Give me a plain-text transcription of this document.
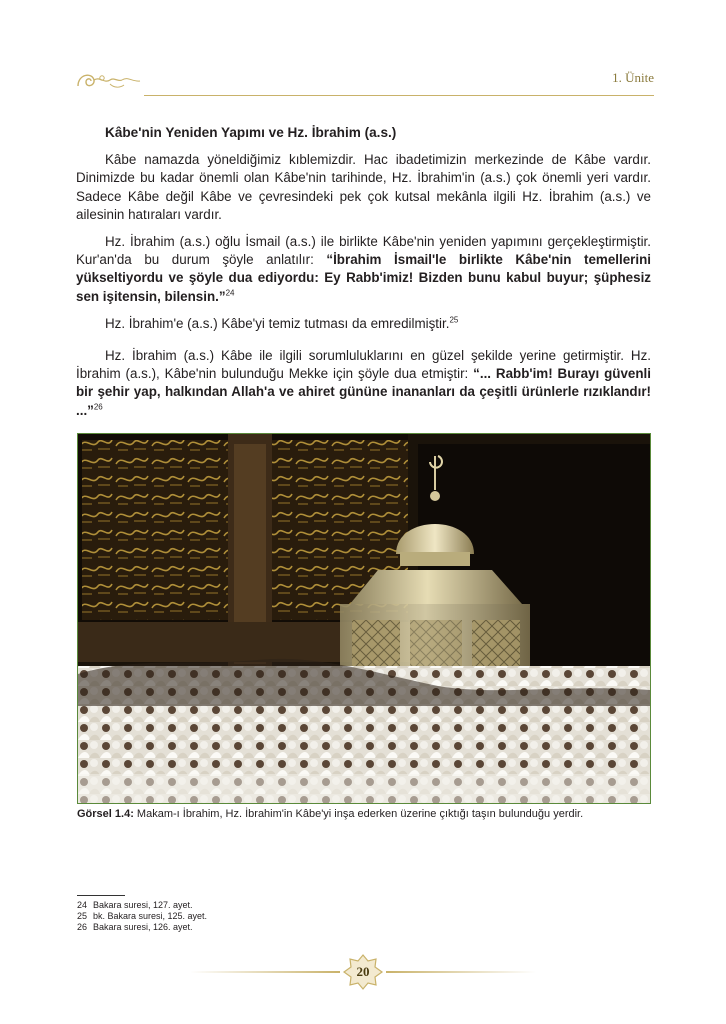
1. Ünite
Kâbe'nin Yeniden Yapımı ve Hz. İbrahim (a.s.)

Kâbe namazda yöneldiğimiz kıblemizdir. Hac ibadetimizin merkezinde de Kâbe vardır. Dinimizde bu kadar önemli olan Kâbe'nin tarihinde, Hz. İbrahim'in (a.s.) çok önemli yeri vardır. Sadece Kâbe değil Kâbe ve çevresindeki pek çok kutsal mekânla ilgili Hz. İbrahim (a.s.) ve ailesinin hatıraları vardır.

Hz. İbrahim (a.s.) oğlu İsmail (a.s.) ile birlikte Kâbe'nin yeniden yapımını gerçekleştirmiştir. Kur'an'da bu durum şöyle anlatılır: “İbrahim İsmail'le birlikte Kâbe'nin temellerini yükseltiyordu ve şöyle dua ediyordu: Ey Rabb'imiz! Bizden bunu kabul buyur; şüphesiz sen işitensin, bilensin.”$^{24}$

Hz. İbrahim'e (a.s.) Kâbe'yi temiz tutması da emredilmiştir.$^{25}$

Hz. İbrahim (a.s.) Kâbe ile ilgili sorumluluklarını en güzel şekilde yerine getirmiştir. Hz. İbrahim (a.s.), Kâbe'nin bulunduğu Mekke için şöyle dua etmiştir: “... Rabb'im! Burayı güvenli bir şehir yap, halkından Allah'a ve ahiret gününe inananları da çeşitli ürünlerle rızıklandır! ...”$^{26}$

Görsel 1.4: Makam-ı İbrahim, Hz. İbrahim'in Kâbe'yi inşa ederken üzerine çıktığı taşın bulunduğu yerdir.
24 Bakara suresi, 127. ayet.
25 bk. Bakara suresi, 125. ayet.
26 Bakara suresi, 126. ayet.
20
